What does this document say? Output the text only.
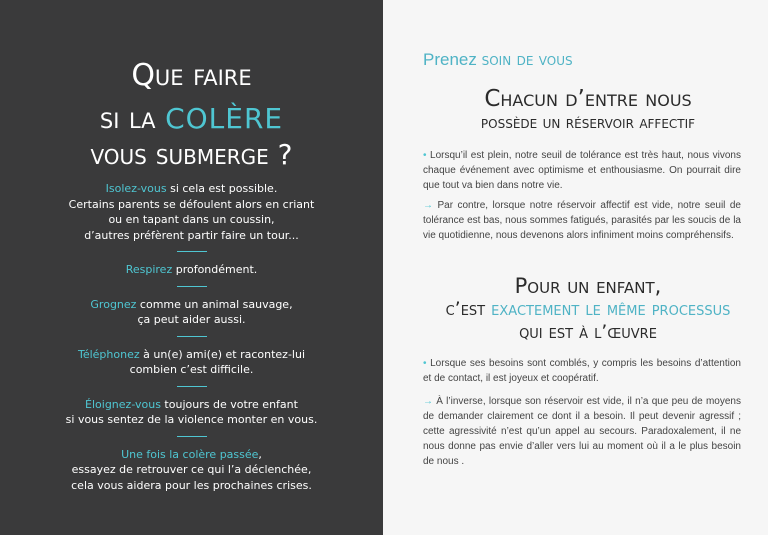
Que faire
si la colère
vous submerge ?

Isolez-vous si cela est possible.
Certains parents se défoulent alors en criant
ou en tapant dans un coussin,
d’autres préfèrent partir faire un tour...

Respirez profondément.

Grognez comme un animal sauvage,
ça peut aider aussi.

Téléphonez à un(e) ami(e) et racontez-lui
combien c’est difficile.

Éloignez-vous toujours de votre enfant
si vous sentez de la violence monter en vous.

Une fois la colère passée,
essayez de retrouver ce qui l’a déclenchée,
cela vous aidera pour les prochaines crises.

Prenez soin de vous
Chacun d’entre nous
possède un réservoir affectif
• Lorsqu’il est plein, notre seuil de tolérance est très haut, nous vivons chaque événement avec optimisme et enthousiasme. On pourrait dire que tout va bien dans notre vie.
→ Par contre, lorsque notre réservoir affectif est vide, notre seuil de tolérance est bas, nous sommes fatigués, parasités par les soucis de la vie quotidienne, nous devenons alors infiniment moins compréhensifs.
Pour un enfant,
c’est exactement le même processus
qui est à l’œuvre
• Lorsque ses besoins sont comblés, y compris les besoins d’attention et de contact, il est joyeux et coopératif.
→ À l’inverse, lorsque son réservoir est vide, il n’a que peu de moyens de demander clairement ce dont il a besoin. Il peut devenir agressif ; cette agressivité n’est qu’un appel au secours. Paradoxalement, il ne nous donne pas envie d’aller vers lui au moment où il a le plus besoin de nous .
